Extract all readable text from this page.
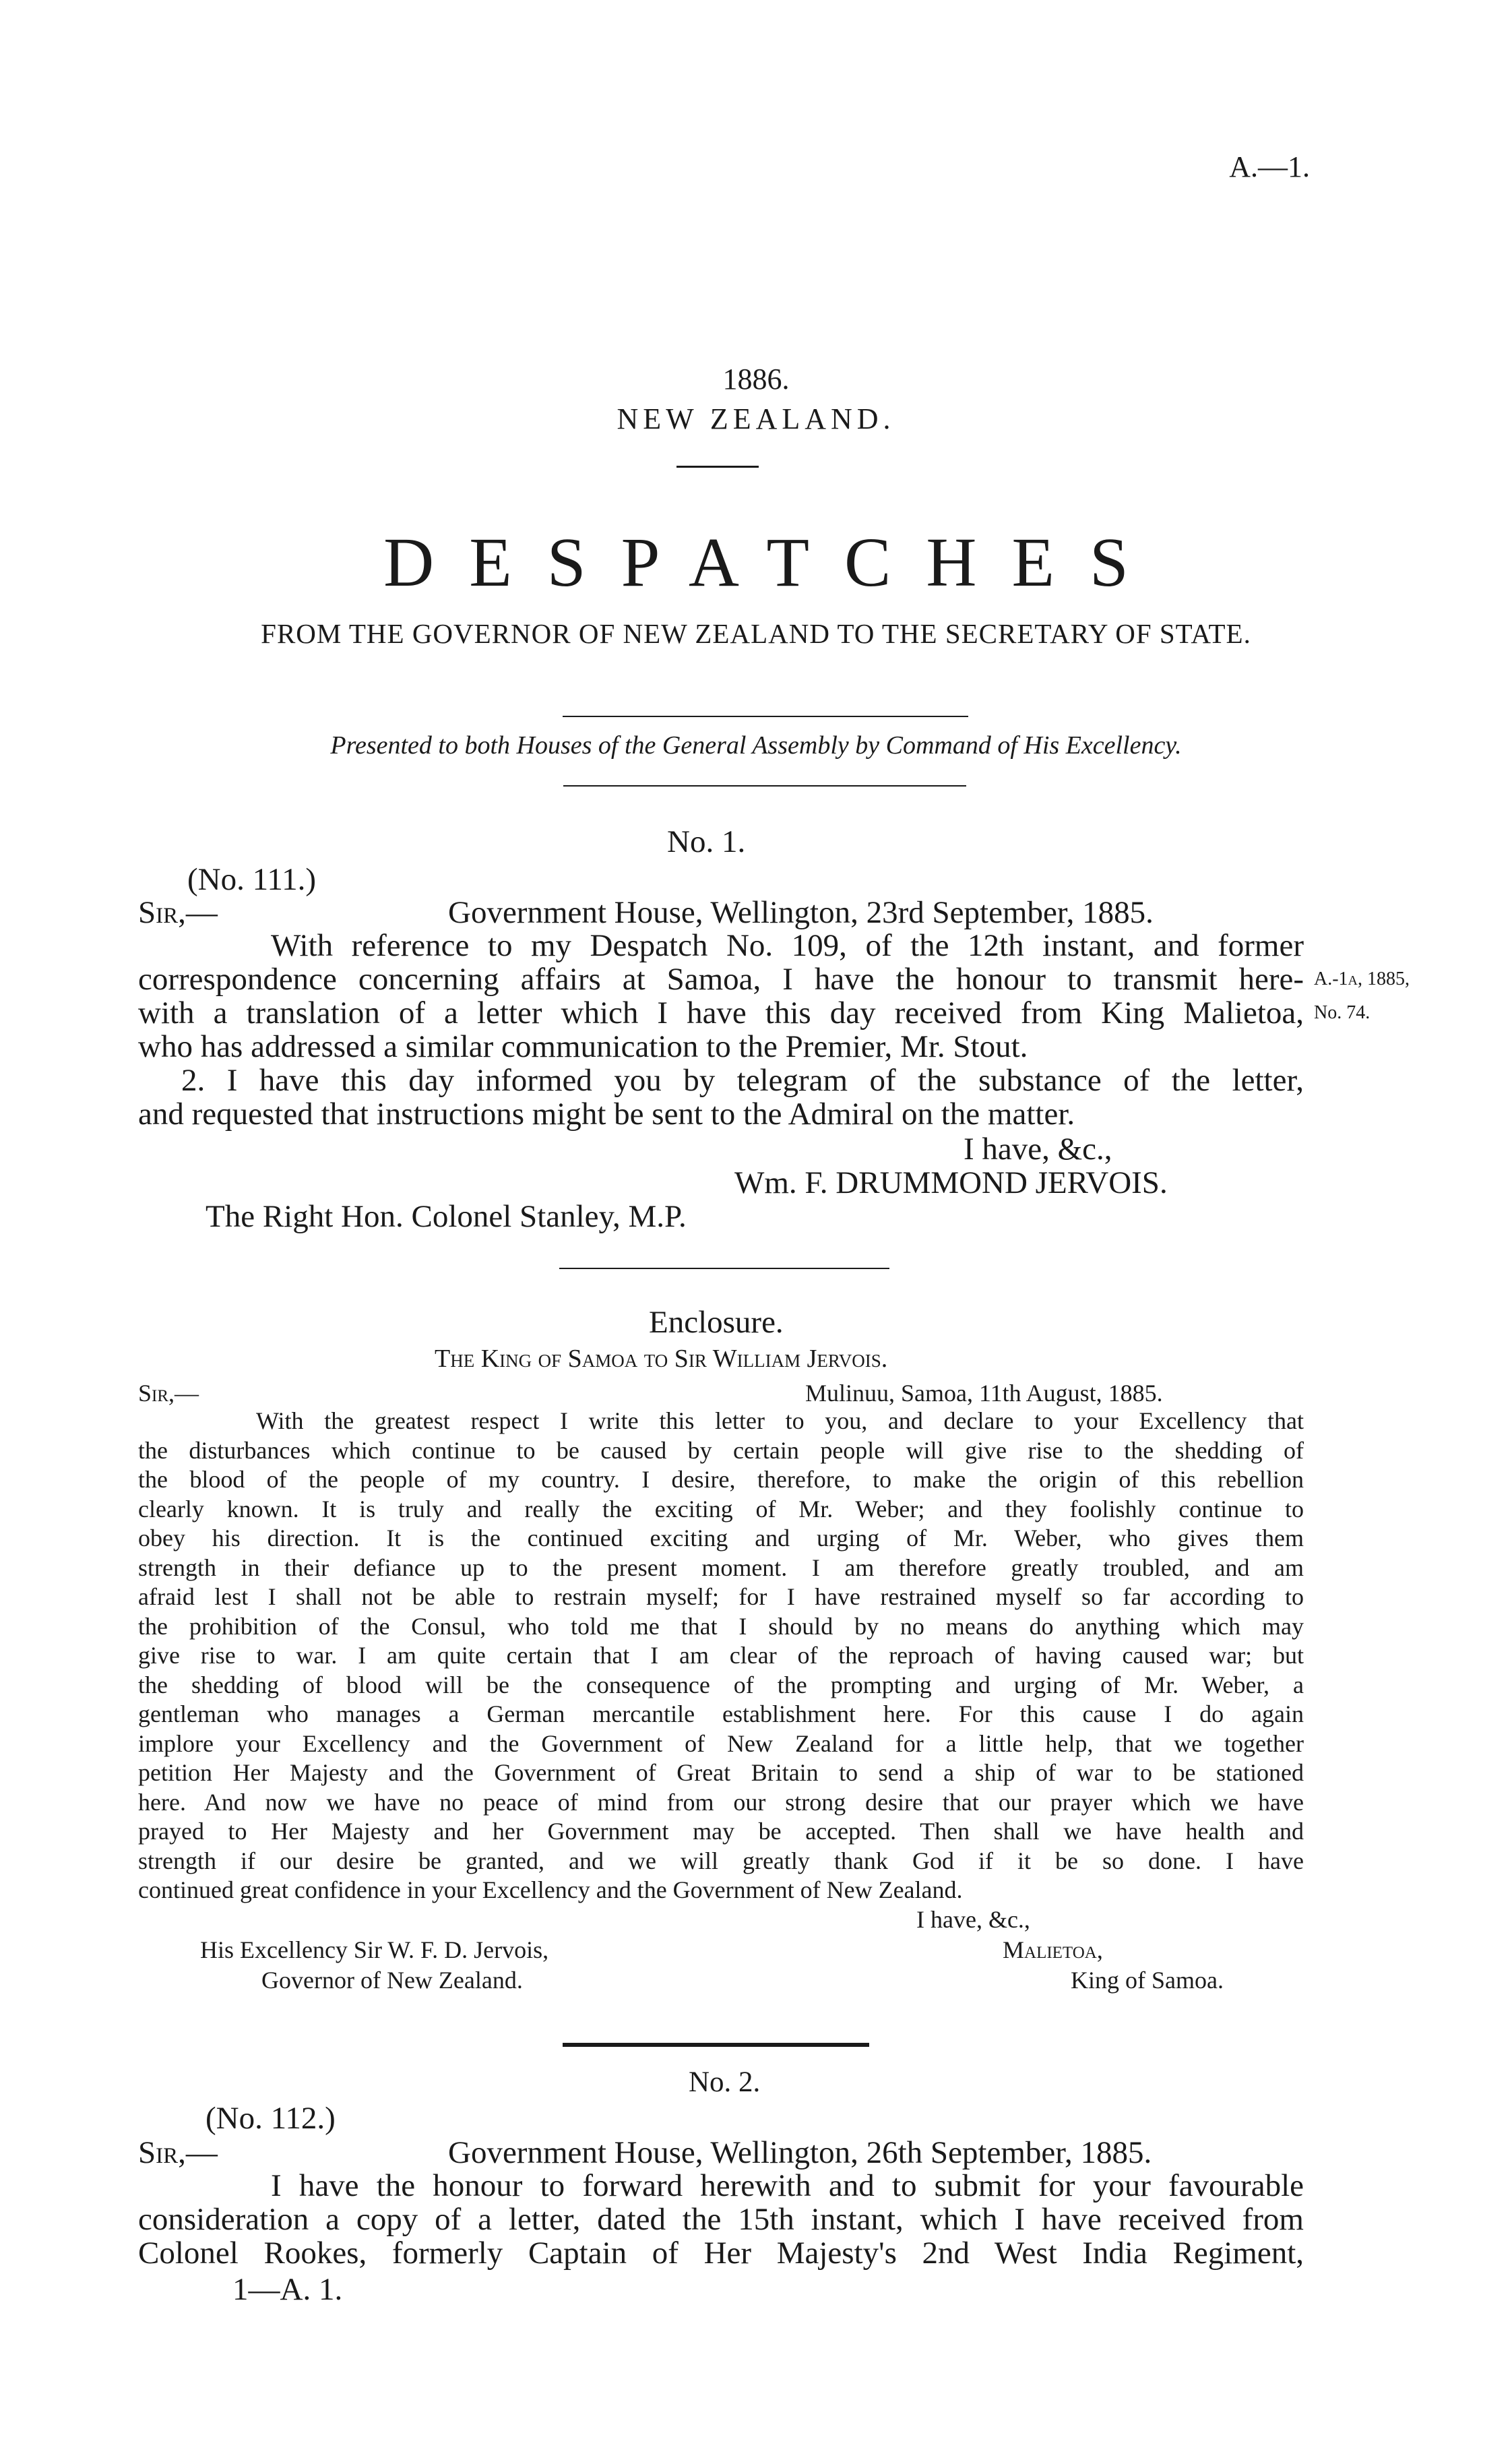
A.—1.
1886.
NEW ZEALAND.
DESPATCHES
FROM THE GOVERNOR OF NEW ZEALAND TO THE SECRETARY OF STATE.
Presented to both Houses of the General Assembly by Command of His Excellency.
No. 1.
(No. 111.)
Sir,—	Government House, Wellington, 23rd September, 1885.
With reference to my Despatch No. 109, of the 12th instant, and former
correspondence concerning affairs at Samoa, I have the honour to transmit here-
with a translation of a letter which I have this day received from King Malietoa,
who has addressed a similar communication to the Premier, Mr. Stout.
A.-1a, 1885,
No. 74.
2. I have this day informed you by telegram of the substance of the letter,
and requested that instructions might be sent to the Admiral on the matter.
I have, &c.,
Wm. F. DRUMMOND JERVOIS.
The Right Hon. Colonel Stanley, M.P.
Enclosure.
The King of Samoa to Sir William Jervois.
Sir,—	Mulinuu, Samoa, 11th August, 1885.
With the greatest respect I write this letter to you, and declare to your Excellency that
the disturbances which continue to be caused by certain people will give rise to the shedding of
the blood of the people of my country. I desire, therefore, to make the origin of this rebellion
clearly known. It is truly and really the exciting of Mr. Weber; and they foolishly continue to
obey his direction. It is the continued exciting and urging of Mr. Weber, who gives them
strength in their defiance up to the present moment. I am therefore greatly troubled, and am
afraid lest I shall not be able to restrain myself; for I have restrained myself so far according to
the prohibition of the Consul, who told me that I should by no means do anything which may
give rise to war. I am quite certain that I am clear of the reproach of having caused war; but
the shedding of blood will be the consequence of the prompting and urging of Mr. Weber, a
gentleman who manages a German mercantile establishment here. For this cause I do again
implore your Excellency and the Government of New Zealand for a little help, that we together
petition Her Majesty and the Government of Great Britain to send a ship of war to be stationed
here. And now we have no peace of mind from our strong desire that our prayer which we have
prayed to Her Majesty and her Government may be accepted. Then shall we have health and
strength if our desire be granted, and we will greatly thank God if it be so done. I have
continued great confidence in your Excellency and the Government of New Zealand.
I have, &c.,
His Excellency Sir W. F. D. Jervois,	Malietoa,
Governor of New Zealand.	King of Samoa.
No. 2.
(No. 112.)
Sir,—	Government House, Wellington, 26th September, 1885.
I have the honour to forward herewith and to submit for your favourable
consideration a copy of a letter, dated the 15th instant, which I have received from
Colonel Rookes, formerly Captain of Her Majesty's 2nd West India Regiment,
1—A. 1.
